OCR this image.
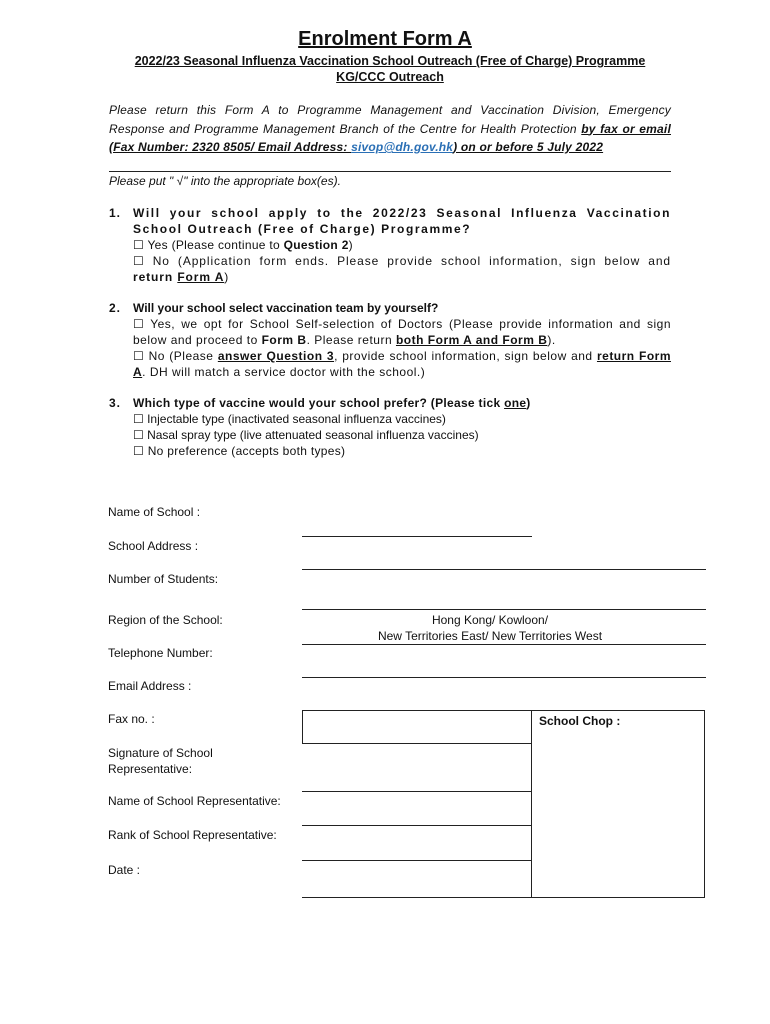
Enrolment Form A
2022/23 Seasonal Influenza Vaccination School Outreach (Free of Charge) Programme
KG/CCC Outreach
Please return this Form A to Programme Management and Vaccination Division, Emergency Response and Programme Management Branch of the Centre for Health Protection by fax or email (Fax Number: 2320 8505/ Email Address: sivop@dh.gov.hk) on or before 5 July 2022
Please put " √" into the appropriate box(es).
1. Will your school apply to the 2022/23 Seasonal Influenza Vaccination School Outreach (Free of Charge) Programme?
☐ Yes (Please continue to Question 2)
☐ No (Application form ends. Please provide school information, sign below and return Form A)
2. Will your school select vaccination team by yourself?
☐ Yes, we opt for School Self-selection of Doctors (Please provide information and sign below and proceed to Form B. Please return both Form A and Form B).
☐ No (Please answer Question 3, provide school information, sign below and return Form A. DH will match a service doctor with the school.)
3. Which type of vaccine would your school prefer? (Please tick one)
☐ Injectable type (inactivated seasonal influenza vaccines)
☐ Nasal spray type (live attenuated seasonal influenza vaccines)
☐ No preference (accepts both types)
Name of School :
School Address :
Number of Students:
Region of the School:	Hong Kong/ Kowloon/
New Territories East/ New Territories West
Telephone Number:
Email Address :
Fax no. :
Signature of School
Representative:
Name of School Representative:
Rank of School Representative:
Date :
School Chop :
